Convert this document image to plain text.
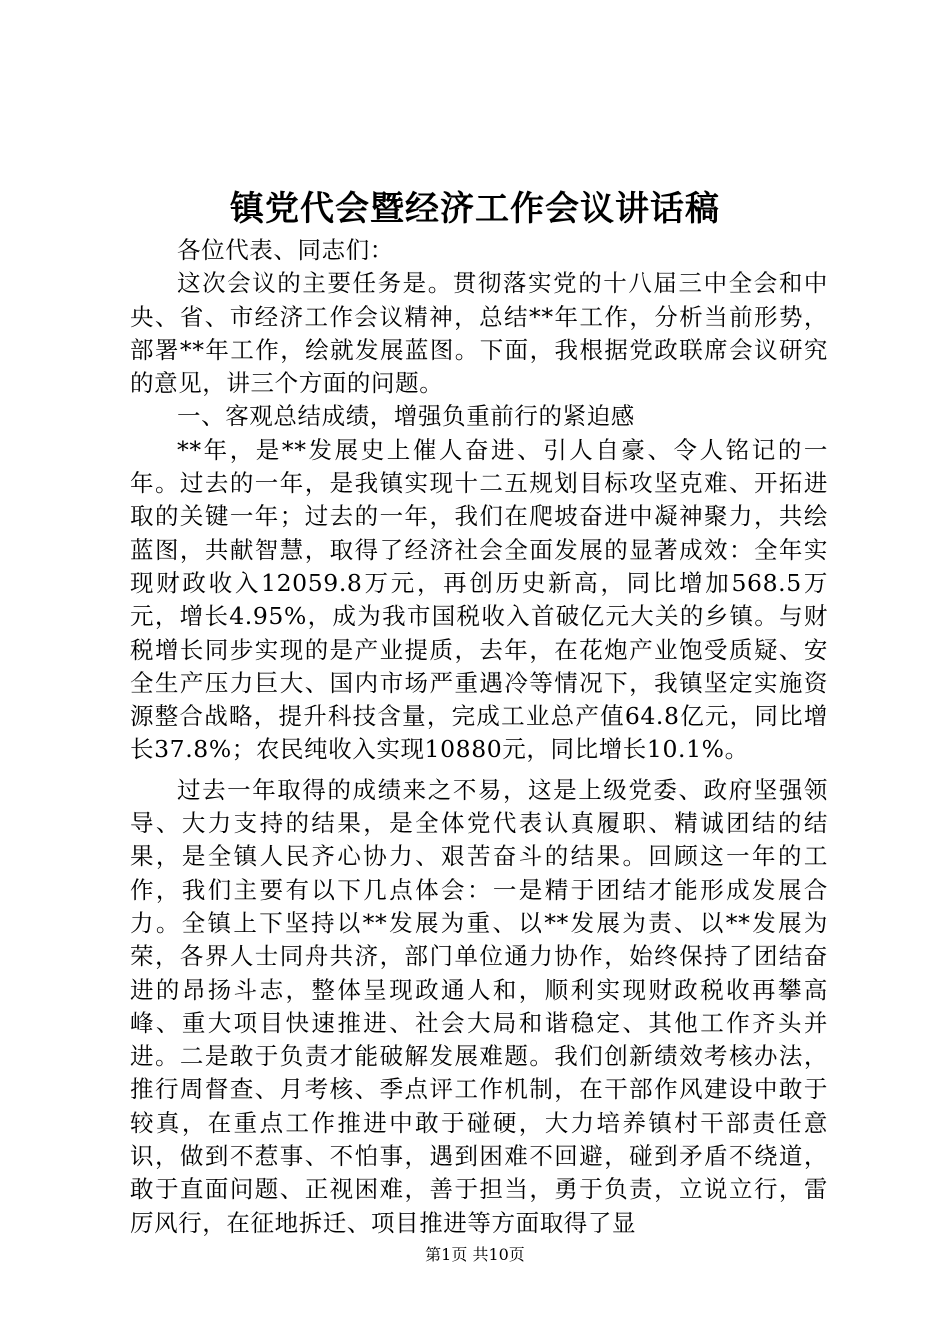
镇党代会暨经济工作会议讲话稿

各位代表、同志们：

这次会议的主要任务是。贯彻落实党的十八届三中全会和中央、省、市经济工作会议精神，总结**年工作，分析当前形势，部署**年工作，绘就发展蓝图。下面，我根据党政联席会议研究的意见，讲三个方面的问题。

一、客观总结成绩，增强负重前行的紧迫感

**年，是**发展史上催人奋进、引人自豪、令人铭记的一年。过去的一年，是我镇实现十二五规划目标攻坚克难、开拓进取的关键一年；过去的一年，我们在爬坡奋进中凝神聚力，共绘蓝图，共献智慧，取得了经济社会全面发展的显著成效：全年实现财政收入12059.8万元，再创历史新高，同比增加568.5万元，增长4.95%，成为我市国税收入首破亿元大关的乡镇。与财税增长同步实现的是产业提质，去年，在花炮产业饱受质疑、安全生产压力巨大、国内市场严重遇冷等情况下，我镇坚定实施资源整合战略，提升科技含量，完成工业总产值64.8亿元，同比增长37.8%；农民纯收入实现10880元，同比增长10.1%。

过去一年取得的成绩来之不易，这是上级党委、政府坚强领导、大力支持的结果，是全体党代表认真履职、精诚团结的结果，是全镇人民齐心协力、艰苦奋斗的结果。回顾这一年的工作，我们主要有以下几点体会：一是精于团结才能形成发展合力。全镇上下坚持以**发展为重、以**发展为责、以**发展为荣，各界人士同舟共济，部门单位通力协作，始终保持了团结奋进的昂扬斗志，整体呈现政通人和，顺利实现财政税收再攀高峰、重大项目快速推进、社会大局和谐稳定、其他工作齐头并进。二是敢于负责才能破解发展难题。我们创新绩效考核办法，推行周督查、月考核、季点评工作机制，在干部作风建设中敢于较真，在重点工作推进中敢于碰硬，大力培养镇村干部责任意识，做到不惹事、不怕事，遇到困难不回避，碰到矛盾不绕道，敢于直面问题、正视困难，善于担当，勇于负责，立说立行，雷厉风行，在征地拆迁、项目推进等方面取得了显

第1页 共10页
